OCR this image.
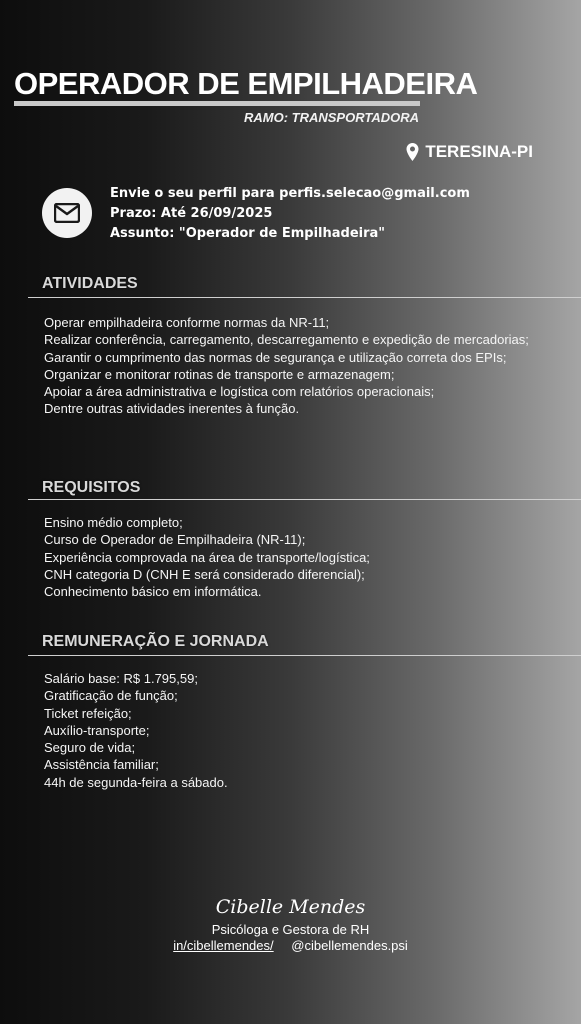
OPERADOR DE EMPILHADEIRA
RAMO: TRANSPORTADORA
TERESINA-PI
Envie o seu perfil para perfis.selecao@gmail.com
Prazo: Até 26/09/2025
Assunto: "Operador de Empilhadeira"
ATIVIDADES
Operar empilhadeira conforme normas da NR-11;
Realizar conferência, carregamento, descarregamento e expedição de mercadorias;
Garantir o cumprimento das normas de segurança e utilização correta dos EPIs;
Organizar e monitorar rotinas de transporte e armazenagem;
Apoiar a área administrativa e logística com relatórios operacionais;
Dentre outras atividades inerentes à função.
REQUISITOS
Ensino médio completo;
Curso de Operador de Empilhadeira (NR-11);
Experiência comprovada na área de transporte/logística;
CNH categoria D (CNH E será considerado diferencial);
Conhecimento básico em informática.
REMUNERAÇÃO E JORNADA
Salário base: R$ 1.795,59;
Gratificação de função;
Ticket refeição;
Auxílio-transporte;
Seguro de vida;
Assistência familiar;
44h de segunda-feira a sábado.
Cibelle Mendes
Psicóloga e Gestora de RH
in/cibellemendes/ @cibellemendes.psi
